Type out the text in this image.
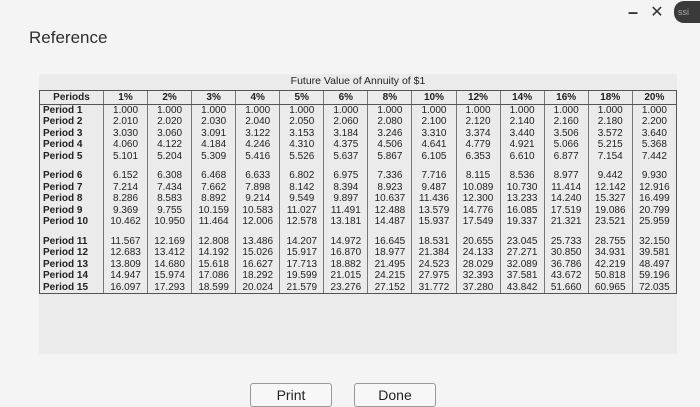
– ✕	ssi
Reference
Future Value of Annuity of $1
Periods	1%	2%	3%	4%	5%	6%	8%	10%	12%	14%	16%	18%	20%
Period 1	1.000	1.000	1.000	1.000	1.000	1.000	1.000	1.000	1.000	1.000	1.000	1.000	1.000
Period 2	2.010	2.020	2.030	2.040	2.050	2.060	2.080	2.100	2.120	2.140	2.160	2.180	2.200
Period 3	3.030	3.060	3.091	3.122	3.153	3.184	3.246	3.310	3.374	3.440	3.506	3.572	3.640
Period 4	4.060	4.122	4.184	4.246	4.310	4.375	4.506	4.641	4.779	4.921	5.066	5.215	5.368
Period 5	5.101	5.204	5.309	5.416	5.526	5.637	5.867	6.105	6.353	6.610	6.877	7.154	7.442

Period 6	6.152	6.308	6.468	6.633	6.802	6.975	7.336	7.716	8.115	8.536	8.977	9.442	9.930
Period 7	7.214	7.434	7.662	7.898	8.142	8.394	8.923	9.487	10.089	10.730	11.414	12.142	12.916
Period 8	8.286	8.583	8.892	9.214	9.549	9.897	10.637	11.436	12.300	13.233	14.240	15.327	16.499
Period 9	9.369	9.755	10.159	10.583	11.027	11.491	12.488	13.579	14.776	16.085	17.519	19.086	20.799
Period 10	10.462	10.950	11.464	12.006	12.578	13.181	14.487	15.937	17.549	19.337	21.321	23.521	25.959

Period 11	11.567	12.169	12.808	13.486	14.207	14.972	16.645	18.531	20.655	23.045	25.733	28.755	32.150
Period 12	12.683	13.412	14.192	15.026	15.917	16.870	18.977	21.384	24.133	27.271	30.850	34.931	39.581
Period 13	13.809	14.680	15.618	16.627	17.713	18.882	21.495	24.523	28.029	32.089	36.786	42.219	48.497
Period 14	14.947	15.974	17.086	18.292	19.599	21.015	24.215	27.975	32.393	37.581	43.672	50.818	59.196
Period 15	16.097	17.293	18.599	20.024	21.579	23.276	27.152	31.772	37.280	43.842	51.660	60.965	72.035
Print	Done
